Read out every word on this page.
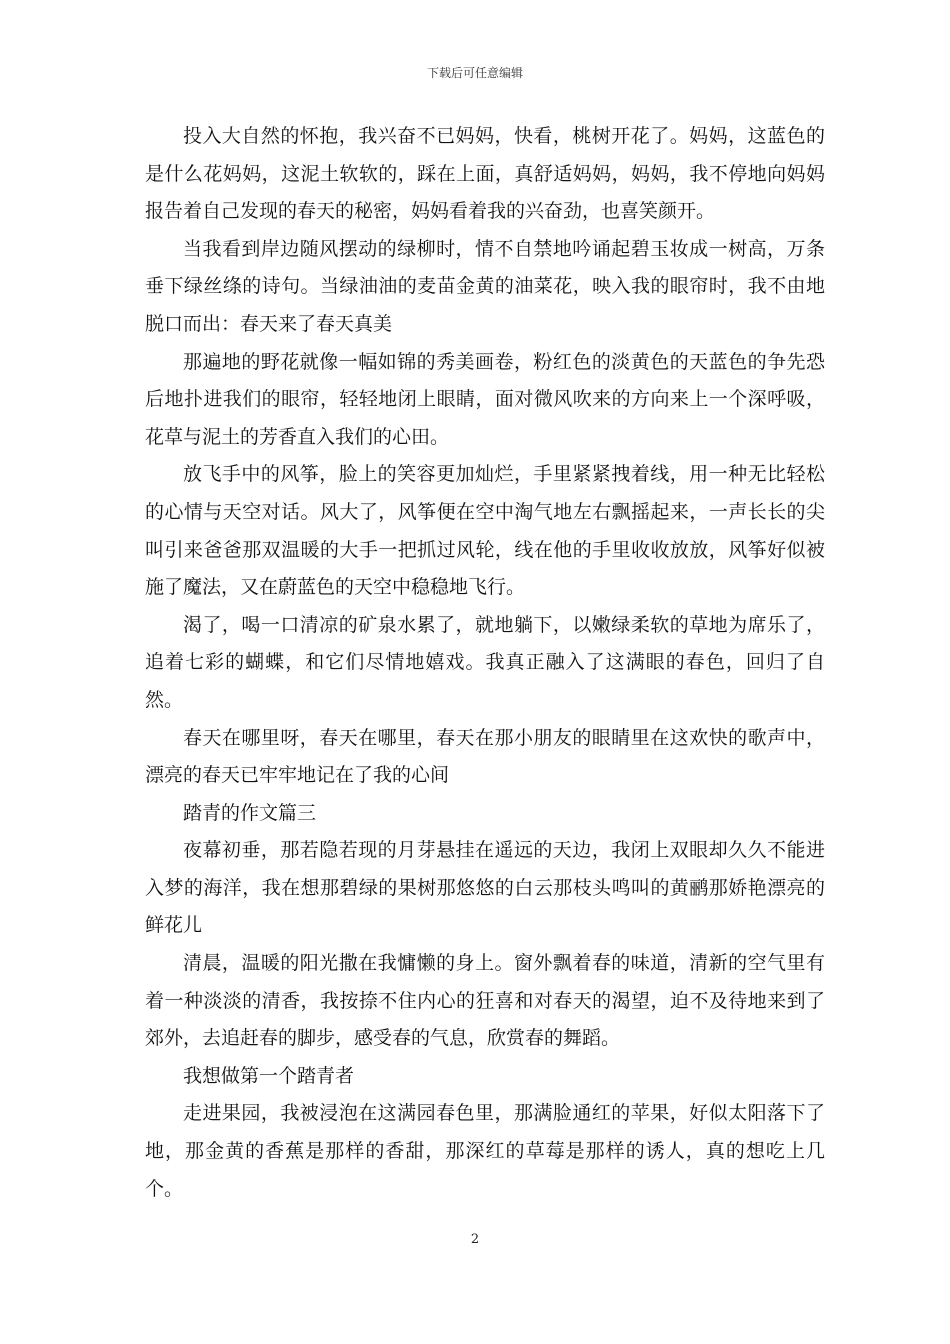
下载后可任意编辑

投入大自然的怀抱，我兴奋不已妈妈，快看，桃树开花了。妈妈，这蓝色的是什么花妈妈，这泥土软软的，踩在上面，真舒适妈妈，妈妈，我不停地向妈妈报告着自己发现的春天的秘密，妈妈看着我的兴奋劲，也喜笑颜开。

当我看到岸边随风摆动的绿柳时，情不自禁地吟诵起碧玉妆成一树高，万条垂下绿丝绦的诗句。当绿油油的麦苗金黄的油菜花，映入我的眼帘时，我不由地脱口而出：春天来了春天真美

那遍地的野花就像一幅如锦的秀美画卷，粉红色的淡黄色的天蓝色的争先恐后地扑进我们的眼帘，轻轻地闭上眼睛，面对微风吹来的方向来上一个深呼吸，花草与泥土的芳香直入我们的心田。

放飞手中的风筝，脸上的笑容更加灿烂，手里紧紧拽着线，用一种无比轻松的心情与天空对话。风大了，风筝便在空中淘气地左右飘摇起来，一声长长的尖叫引来爸爸那双温暖的大手一把抓过风轮，线在他的手里收收放放，风筝好似被施了魔法，又在蔚蓝色的天空中稳稳地飞行。

渴了，喝一口清凉的矿泉水累了，就地躺下，以嫩绿柔软的草地为席乐了，追着七彩的蝴蝶，和它们尽情地嬉戏。我真正融入了这满眼的春色，回归了自然。

春天在哪里呀，春天在哪里，春天在那小朋友的眼睛里在这欢快的歌声中，漂亮的春天已牢牢地记在了我的心间

踏青的作文篇三

夜幕初垂，那若隐若现的月芽悬挂在遥远的天边，我闭上双眼却久久不能进入梦的海洋，我在想那碧绿的果树那悠悠的白云那枝头鸣叫的黄鹂那娇艳漂亮的鲜花儿

清晨，温暖的阳光撒在我慵懒的身上。窗外飘着春的味道，清新的空气里有着一种淡淡的清香，我按捺不住内心的狂喜和对春天的渴望，迫不及待地来到了郊外，去追赶春的脚步，感受春的气息，欣赏春的舞蹈。

我想做第一个踏青者

走进果园，我被浸泡在这满园春色里，那满脸通红的苹果，好似太阳落下了地，那金黄的香蕉是那样的香甜，那深红的草莓是那样的诱人，真的想吃上几个。

2
